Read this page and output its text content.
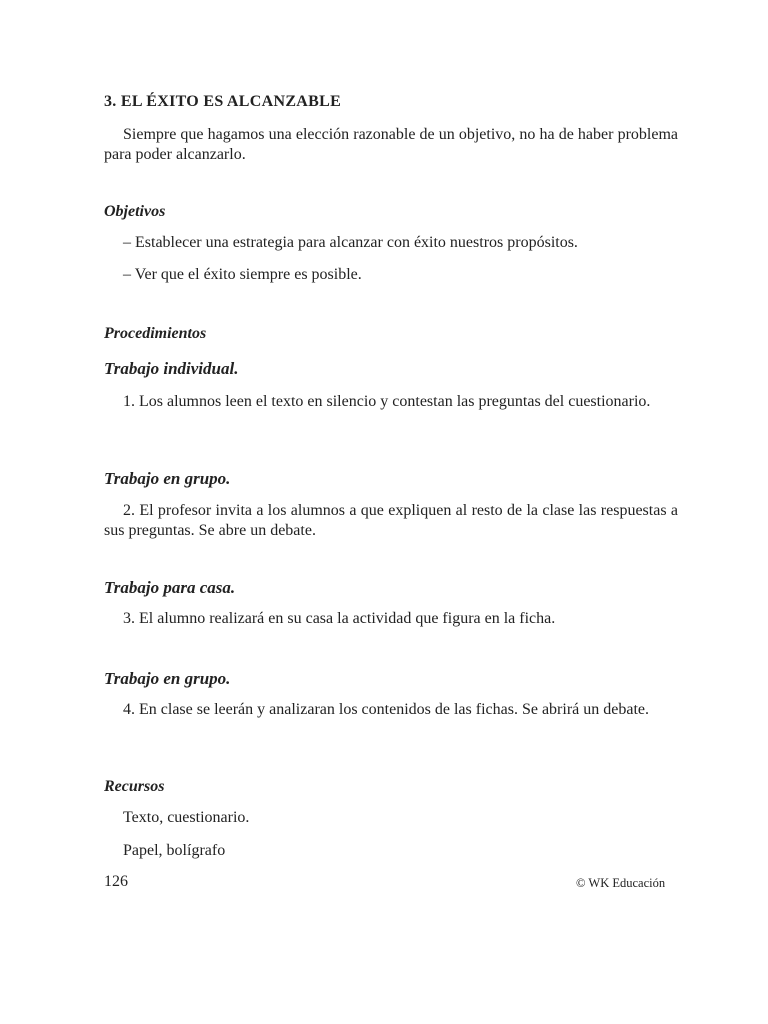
3. EL ÉXITO ES ALCANZABLE

Siempre que hagamos una elección razonable de un objetivo, no ha de haber problema para poder alcanzarlo.

Objetivos

– Establecer una estrategia para alcanzar con éxito nuestros propósitos.

– Ver que el éxito siempre es posible.

Procedimientos
Trabajo individual.

1. Los alumnos leen el texto en silencio y contestan las preguntas del cuestionario.

Trabajo en grupo.

2. El profesor invita a los alumnos a que expliquen al resto de la clase las respuestas a sus preguntas. Se abre un debate.

Trabajo para casa.

3. El alumno realizará en su casa la actividad que figura en la ficha.

Trabajo en grupo.

4. En clase se leerán y analizaran los contenidos de las fichas. Se abrirá un debate.

Recursos

Texto, cuestionario.

Papel, bolígrafo

126	© WK Educación
